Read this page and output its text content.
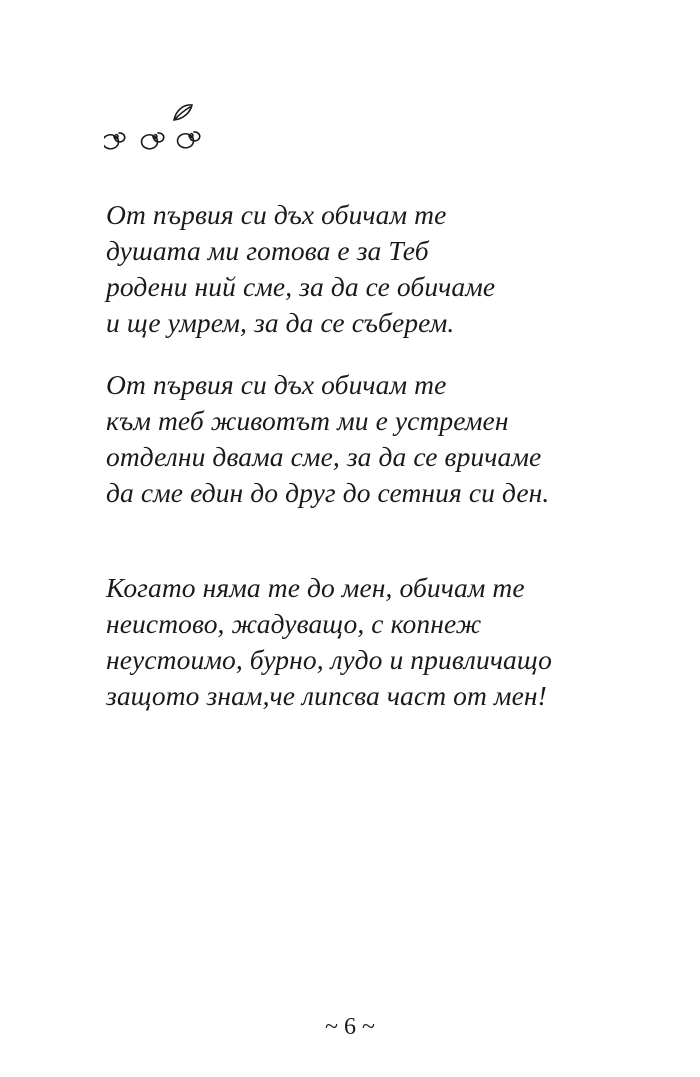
От първия си дъх обичам те
душата ми готова е за Теб
родени ний сме, за да се обичаме
и ще умрем, за да се съберем.
От първия си дъх обичам те
към теб животът ми е устремен
отделни двама сме, за да се вричаме
да сме един до друг до сетния си ден.
Когато няма те до мен, обичам те
неистово, жадуващо, с копнеж
неустоимо, бурно, лудо и привличащо
защото знам,че липсва част от мен!
~ 6 ~
